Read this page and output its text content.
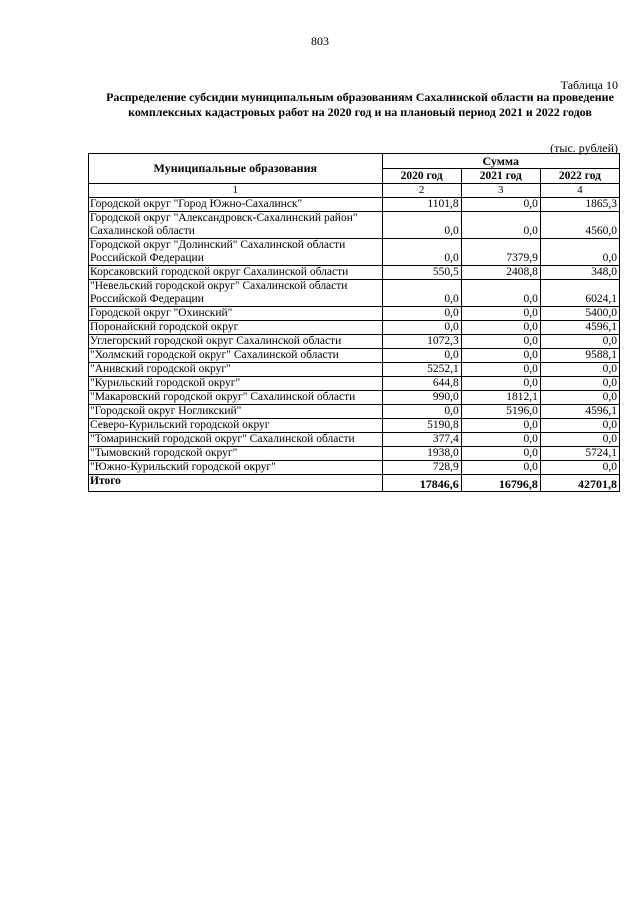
803
Таблица 10
Распределение субсидии муниципальным образованиям Сахалинской области на проведение комплексных кадастровых работ на 2020 год и на плановый период 2021 и 2022 годов
(тыс. рублей)
Муниципальные образования	Сумма		
	2020 год	2021 год	2022 год
1	2	3	4
Городской округ "Город Южно-Сахалинск"	1101,8	0,0	1865,3
Городской округ "Александровск-Сахалинский район" Сахалинской области	0,0	0,0	4560,0
Городской округ "Долинский" Сахалинской области Российской Федерации	0,0	7379,9	0,0
Корсаковский городской округ Сахалинской области	550,5	2408,8	348,0
"Невельский городской округ" Сахалинской области Российской Федерации	0,0	0,0	6024,1
Городской округ "Охинский"	0,0	0,0	5400,0
Поронайский городской округ	0,0	0,0	4596,1
Углегорский городской округ Сахалинской области	1072,3	0,0	0,0
"Холмский городской округ" Сахалинской области	0,0	0,0	9588,1
"Анивский городской округ"	5252,1	0,0	0,0
"Курильский городской округ"	644,8	0,0	0,0
"Макаровский городской округ" Сахалинской области	990,0	1812,1	0,0
"Городской округ Ногликский"	0,0	5196,0	4596,1
Северо-Курильский городской округ	5190,8	0,0	0,0
"Томаринский городской округ" Сахалинской области	377,4	0,0	0,0
"Тымовский городской округ"	1938,0	0,0	5724,1
"Южно-Курильский городской округ"	728,9	0,0	0,0
Итого	17846,6	16796,8	42701,8
